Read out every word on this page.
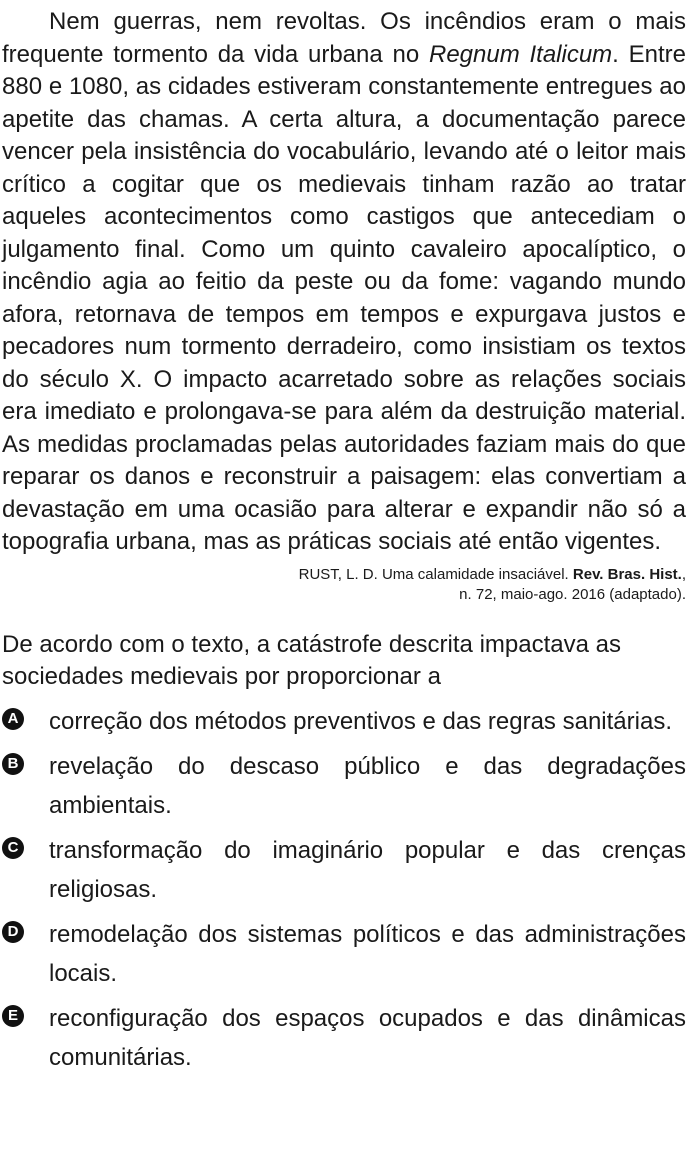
Nem guerras, nem revoltas. Os incêndios eram o mais frequente tormento da vida urbana no Regnum Italicum. Entre 880 e 1080, as cidades estiveram constantemente entregues ao apetite das chamas. A certa altura, a documentação parece vencer pela insistência do vocabulário, levando até o leitor mais crítico a cogitar que os medievais tinham razão ao tratar aqueles acontecimentos como castigos que antecediam o julgamento final. Como um quinto cavaleiro apocalíptico, o incêndio agia ao feitio da peste ou da fome: vagando mundo afora, retornava de tempos em tempos e expurgava justos e pecadores num tormento derradeiro, como insistiam os textos do século X. O impacto acarretado sobre as relações sociais era imediato e prolongava-se para além da destruição material. As medidas proclamadas pelas autoridades faziam mais do que reparar os danos e reconstruir a paisagem: elas convertiam a devastação em uma ocasião para alterar e expandir não só a topografia urbana, mas as práticas sociais até então vigentes.

RUST, L. D. Uma calamidade insaciável. Rev. Bras. Hist.,
n. 72, maio-ago. 2016 (adaptado).
De acordo com o texto, a catástrofe descrita impactava as sociedades medievais por proporcionar a
A correção dos métodos preventivos e das regras sanitárias.
B revelação do descaso público e das degradações ambientais.
C transformação do imaginário popular e das crenças religiosas.
D remodelação dos sistemas políticos e das administrações locais.
E reconfiguração dos espaços ocupados e das dinâmicas comunitárias.
